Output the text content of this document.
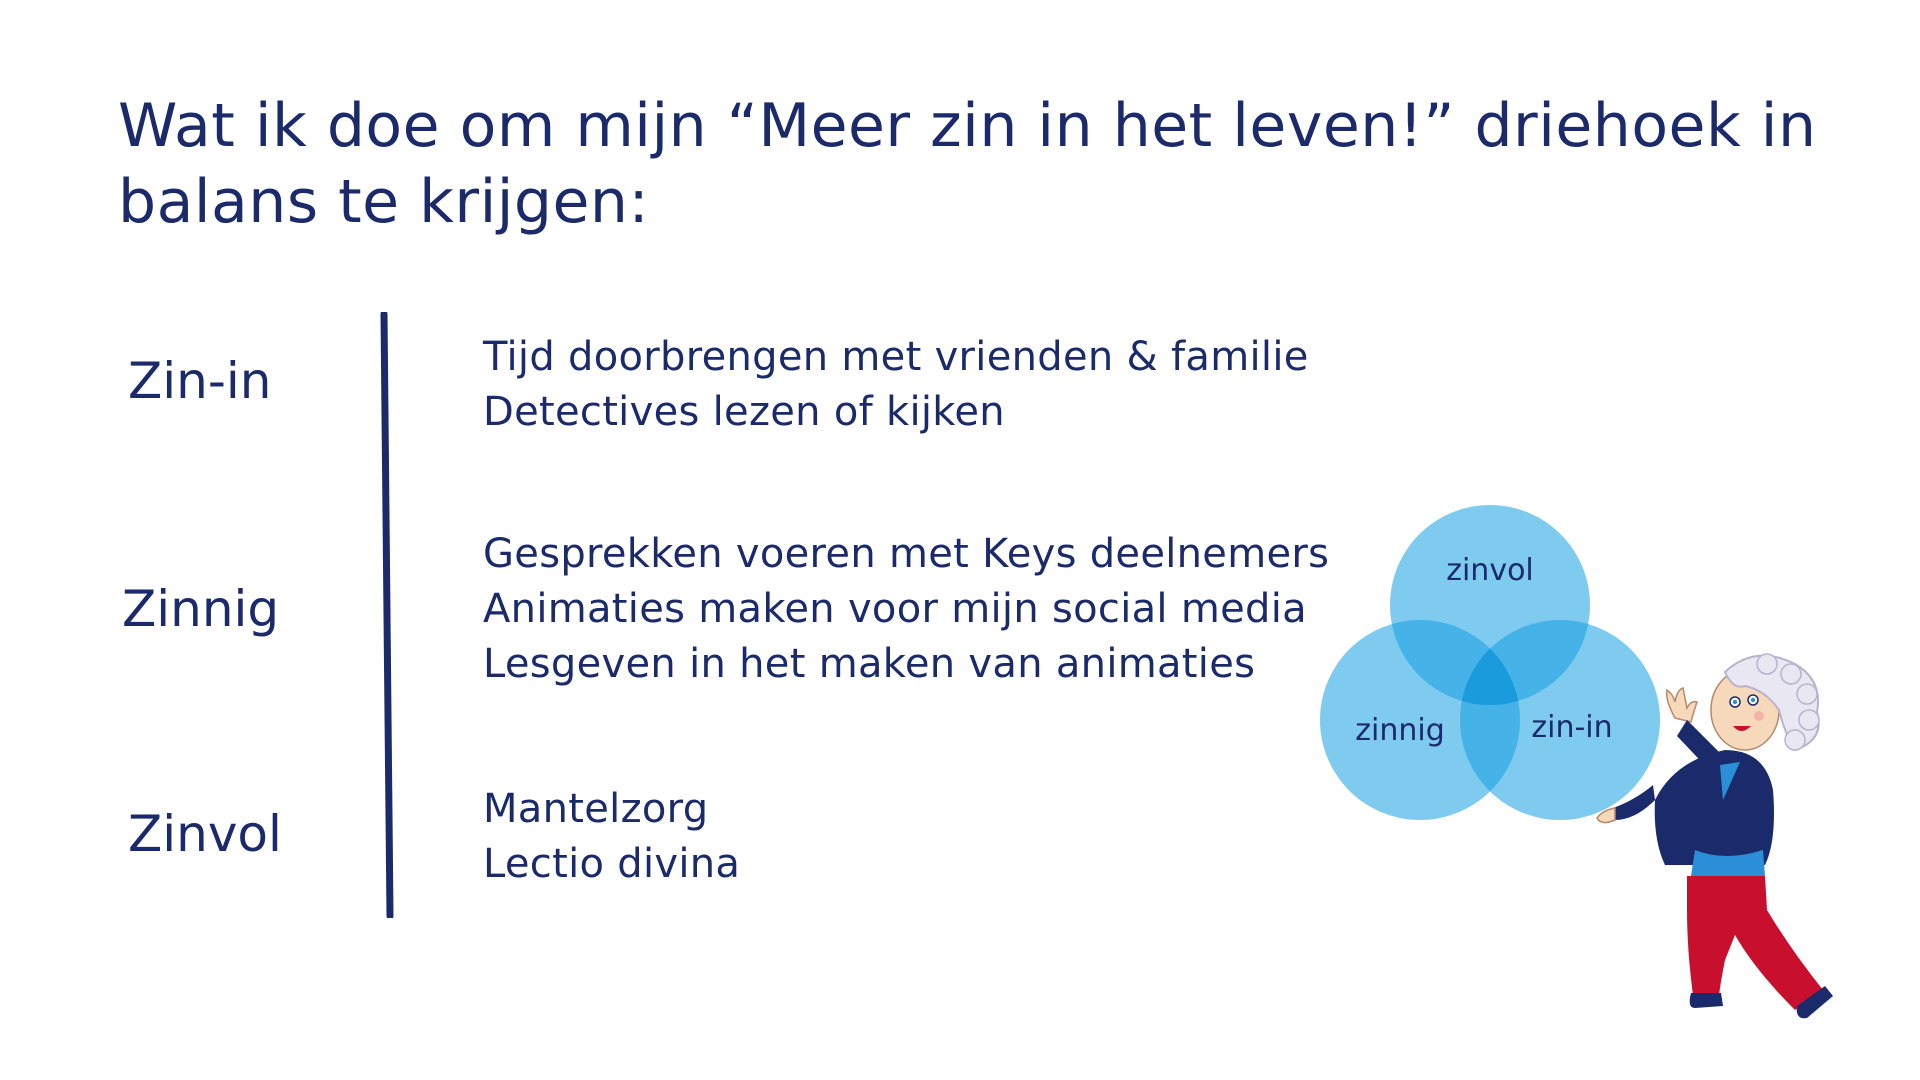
Wat ik doe om mijn “Meer zin in het leven!” driehoek in balans te krijgen:
Zin-in
Zinnig
Zinvol
Tijd doorbrengen met vrienden & familie
Detectives lezen of kijken
Gesprekken voeren met Keys deelnemers
Animaties maken voor mijn social media
Lesgeven in het maken van animaties
Mantelzorg
Lectio divina
zinvol
zinnig	zin-in
